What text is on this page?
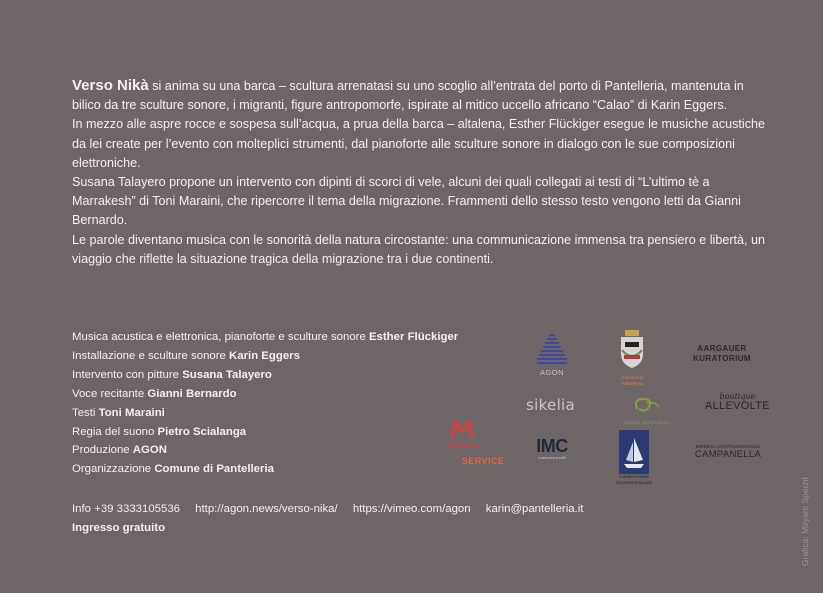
Verso Nikà si anima su una barca – scultura arrenatasi su uno scoglio all’entrata del porto di Pantelleria, mantenuta in bilico da tre sculture sonore, i migranti, figure antropomorfe, ispirate al mitico uccello africano “Calao” di Karin Eggers.

In mezzo alle aspre rocce e sospesa sull’acqua, a prua della barca – altalena, Esther Flückiger esegue le musiche acustiche da lei create per l’evento con molteplici strumenti, dal pianoforte alle sculture sonore in dialogo con le sue composizioni elettroniche.

Susana Talayero propone un intervento con dipinti di scorci di vele, alcuni dei quali collegati ai testi di “L’ultimo tè a Marrakesh” di Toni Maraini, che ripercorre il tema della migrazione. Frammenti dello stesso testo vengono letti da Gianni Bernardo.

Le parole diventano musica con le sonorità della natura circostante: una communicazione immensa tra pensiero e libertà, un viaggio che riflette la situazione tragica della migrazione tra i due continenti.

Musica acustica e elettronica, pianoforte e sculture sonore Esther Flückiger
Installazione e sculture sonore Karin Eggers
Intervento con pitture Susana Talayero
Voce recitante Gianni Bernardo
Testi Toni Maraini
Regia del suono Pietro Scialanga
Produzione AGON
Organizzazione Comune di Pantelleria
Info +39 3333105536 http://agon.news/verso-nika/ https://vimeo.com/agon karin@pantelleria.it
Ingresso gratuito	Grafica: Miryam Specht
AGON
Comune di Pantelleria
AARGAUER
KURATORIUM
sikelia
cultura alternativa
boutique
ALLEVOLTE
MEDITERRANEA
SERVICE
IMC
costruzioni edili
Cantieri Navali
Giovanni Esposito
IMPRESA COSTRUZIONI EDILI
CAMPANELLA
